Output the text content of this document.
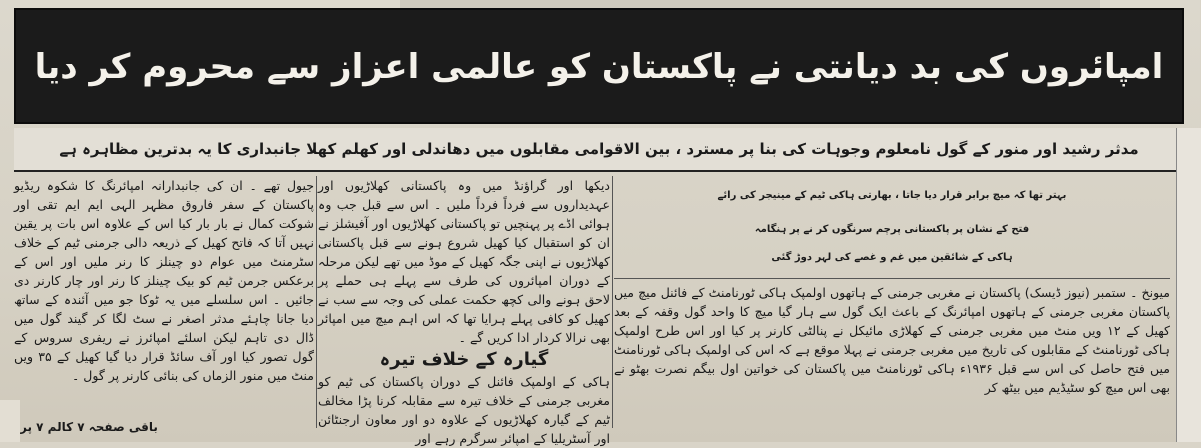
امپائروں کی بد دیانتی نے پاکستان کو عالمی اعزاز سے محروم کر دیا
مدثر رشید اور منور کے گول نامعلوم وجوہات کی بنا پر مسترد ، بین الاقوامی مقابلوں میں دھاندلی اور کھلم کھلا جانبداری کا یہ بدترین مظاہرہ ہے
بہتر تھا کہ میچ برابر قرار دیا جاتا ، بھارتی ہاکی ٹیم کے مینیجر کی رائے
فتح کے نشان پر پاکستانی پرچم سرنگوں کر نے پر ہنگامہ
ہاکی کے شائقین میں غم و غصے کی لہر دوڑ گئی

میونخ ۔ ستمبر (نیوز ڈیسک) پاکستان نے مغربی جرمنی کے ہاتھوں اولمپک ہاکی ٹورنامنٹ کے فائنل میچ میں پاکستان مغربی جرمنی کے ہاتھوں امپائرنگ کے باعث ایک گول سے ہار گیا میچ کا واحد گول وقفہ کے بعد کھیل کے ۱۲ ویں منٹ میں مغربی جرمنی کے کھلاڑی مائیکل نے پنالٹی کارنر پر کیا اور اس طرح اولمپک ہاکی ٹورنامنٹ کے مقابلوں کی تاریخ میں مغربی جرمنی نے پہلا موقع ہے کہ اس کی اولمپک ہاکی ٹورنامنٹ میں فتح حاصل کی اس سے قبل ۱۹۳۶ء ہاکی ٹورنامنٹ میں پاکستان کی خواتین اول بیگم نصرت بھٹو نے بھی اس میچ کو سٹیڈیم میں بیٹھ کر

دیکھا اور گراؤنڈ میں وہ پاکستانی کھلاڑیوں اور عہدیداروں سے فرداً فرداً ملیں ۔ اس سے قبل جب وہ ہوائی اڈے پر پہنچیں تو پاکستانی کھلاڑیوں اور آفیشلز نے ان کو استقبال کیا کھیل شروع ہونے سے قبل پاکستانی کھلاڑیوں نے اپنی جگہ کھیل کے موڈ میں تھے لیکن مرحلہ کے دوران امپائروں کی طرف سے پہلے ہی حملے پر لاحق ہونے والی کچھ حکمت عملی کی وجہ سے سب نے کھیل کو کافی پہلے ہرایا تھا کہ اس اہم میچ میں امپائر بھی نرالا کردار ادا کریں گے ۔

گیارہ کے خلاف تیرہ

ہاکی کے اولمپک فائنل کے دوران پاکستان کی ٹیم کو مغربی جرمنی کے خلاف تیرہ سے مقابلہ کرنا پڑا مخالف ٹیم کے گیارہ کھلاڑیوں کے علاوہ دو اور معاون ارجنٹائن اور آسٹریلیا کے امپائر سرگرم رہے اور

جیول تھے ۔ ان کی جانبدارانہ امپائرنگ کا شکوہ ریڈیو پاکستان کے سفر فاروق مظہر الہی ایم ایم تقی اور شوکت کمال نے بار بار کیا اس کے علاوہ اس بات پر یقین نہیں آتا کہ فاتح کھیل کے ذریعہ دالی جرمنی ٹیم کے خلاف سٹرمنٹ میں عوام دو چینلز کا رنر ملیں اور اس کے برعکس جرمن ٹیم کو بیک چینلز کا رنر اور چار کارنر دی جائیں ۔ اس سلسلے میں یہ ٹوکا جو میں آئندہ کے ساتھ دیا جانا چاہئے مدثر اصغر نے سٹ لگا کر گیند گول میں ڈال دی تاہم لیکن اسلئے امپائرز نے ریفری سروس کے گول تصور کیا اور آف سائڈ قرار دیا گیا کھیل کے ۳۵ ویں منٹ میں منور الزماں کی بنائی کارنر پر گول ۔

باقی صفحہ ۷ کالم ۷ پر
